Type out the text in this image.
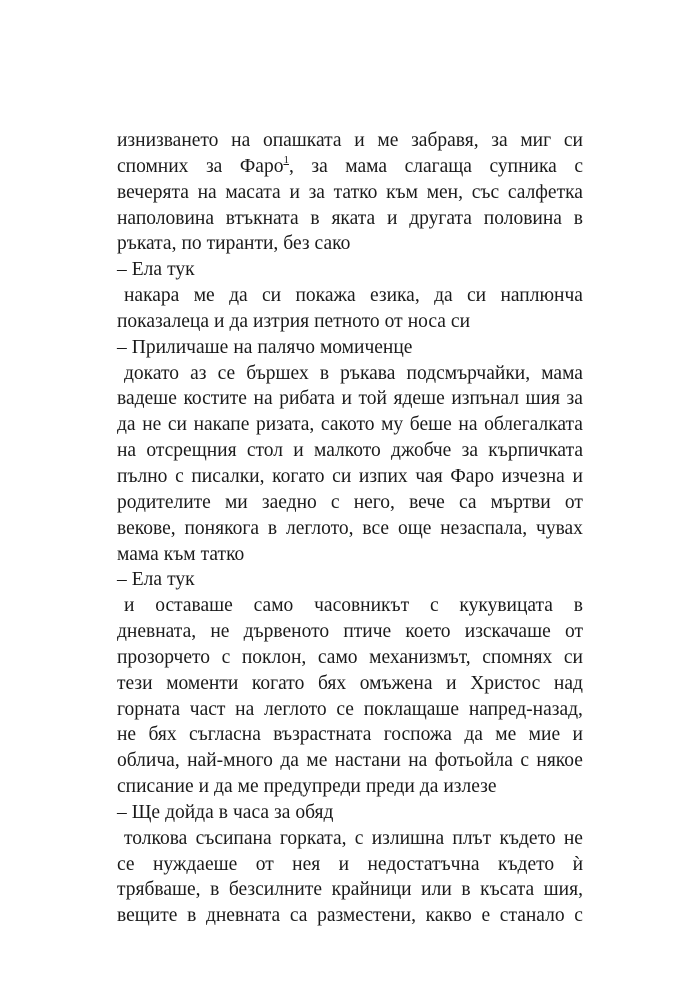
изнизването на опашката и ме забравя, за миг си
спомних за Фаро$^1$, за мама слагаща супника с
вечерята на масата и за татко към мен, със салфетка
наполовина втъкната в яката и другата половина в
ръката, по тиранти, без сако
– Ела тук
накара ме да си покажа езика, да си наплюнча
показалеца и да изтрия петното от носа си
– Приличаше на палячо момиченце
докато аз се бършех в ръкава подсмърчайки, мама
вадеше костите на рибата и той ядеше изпънал шия за
да не си накапе ризата, сакото му беше на облегалката
на отсрещния стол и малкото джобче за кърпичката
пълно с писалки, когато си изпих чая Фаро изчезна и
родителите ми заедно с него, вече са мъртви от
векове, понякога в леглото, все още незаспала, чувах
мама към татко
– Ела тук
и оставаше само часовникът с кукувицата в
дневната, не дървеното птиче което изскачаше от
прозорчето с поклон, само механизмът, спомнях си
тези моменти когато бях омъжена и Христос над
горната част на леглото се поклащаше напред-назад,
не бях съгласна възрастната госпожа да ме мие и
облича, най-много да ме настани на фотьойла с някое
списание и да ме предупреди преди да излезе
– Ще дойда в часа за обяд
толкова съсипана горката, с излишна плът където не
се нуждаеше от нея и недостатъчна където ѝ
трябваше, в безсилните крайници или в късата шия,
вещите в дневната са разместени, какво е станало с
